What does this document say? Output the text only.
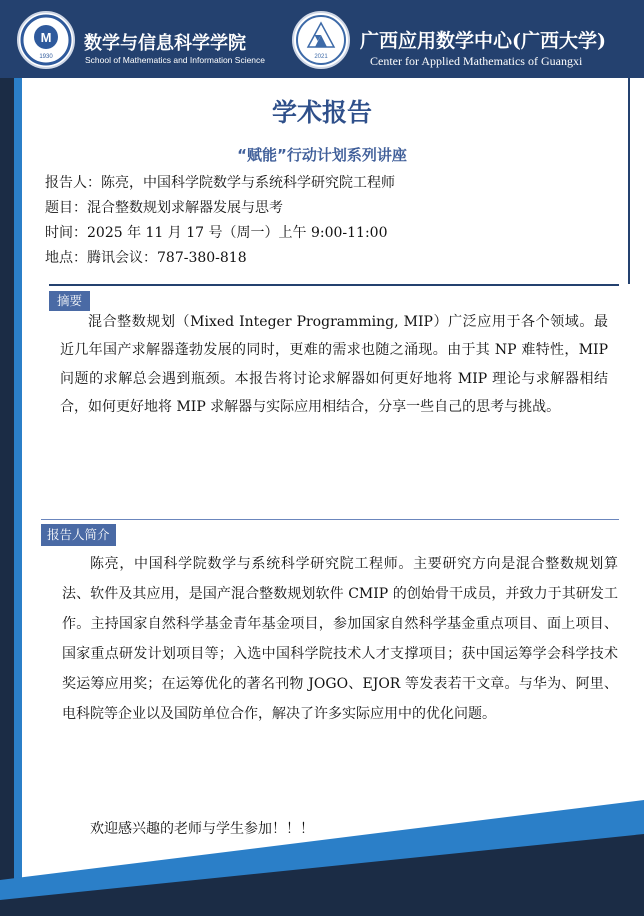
M
1930
数学与信息科学学院
School of Mathematics and Information Science	2021
广西应用数学中心(广西大学)
Center for Applied Mathematics of Guangxi
学术报告
“赋能”行动计划系列讲座
报告人：陈亮，中国科学院数学与系统科学研究院工程师
题目：混合整数规划求解器发展与思考
时间：2025 年 11 月 17 号（周一）上午 9:00-11:00
地点：腾讯会议：787-380-818
摘要
混合整数规划（Mixed Integer Programming, MIP）广泛应用于各个领域。最近几年国产求解器蓬勃发展的同时，更难的需求也随之涌现。由于其 NP 难特性，MIP 问题的求解总会遇到瓶颈。本报告将讨论求解器如何更好地将 MIP 理论与求解器相结合，如何更好地将 MIP 求解器与实际应用相结合，分享一些自己的思考与挑战。
报告人简介
陈亮，中国科学院数学与系统科学研究院工程师。主要研究方向是混合整数规划算法、软件及其应用，是国产混合整数规划软件 CMIP 的创始骨干成员，并致力于其研发工作。主持国家自然科学基金青年基金项目，参加国家自然科学基金重点项目、面上项目、国家重点研发计划项目等；入选中国科学院技术人才支撑项目；获中国运筹学会科学技术奖运筹应用奖；在运筹优化的著名刊物 JOGO、EJOR 等发表若干文章。与华为、阿里、电科院等企业以及国防单位合作，解决了许多实际应用中的优化问题。
欢迎感兴趣的老师与学生参加！！！
